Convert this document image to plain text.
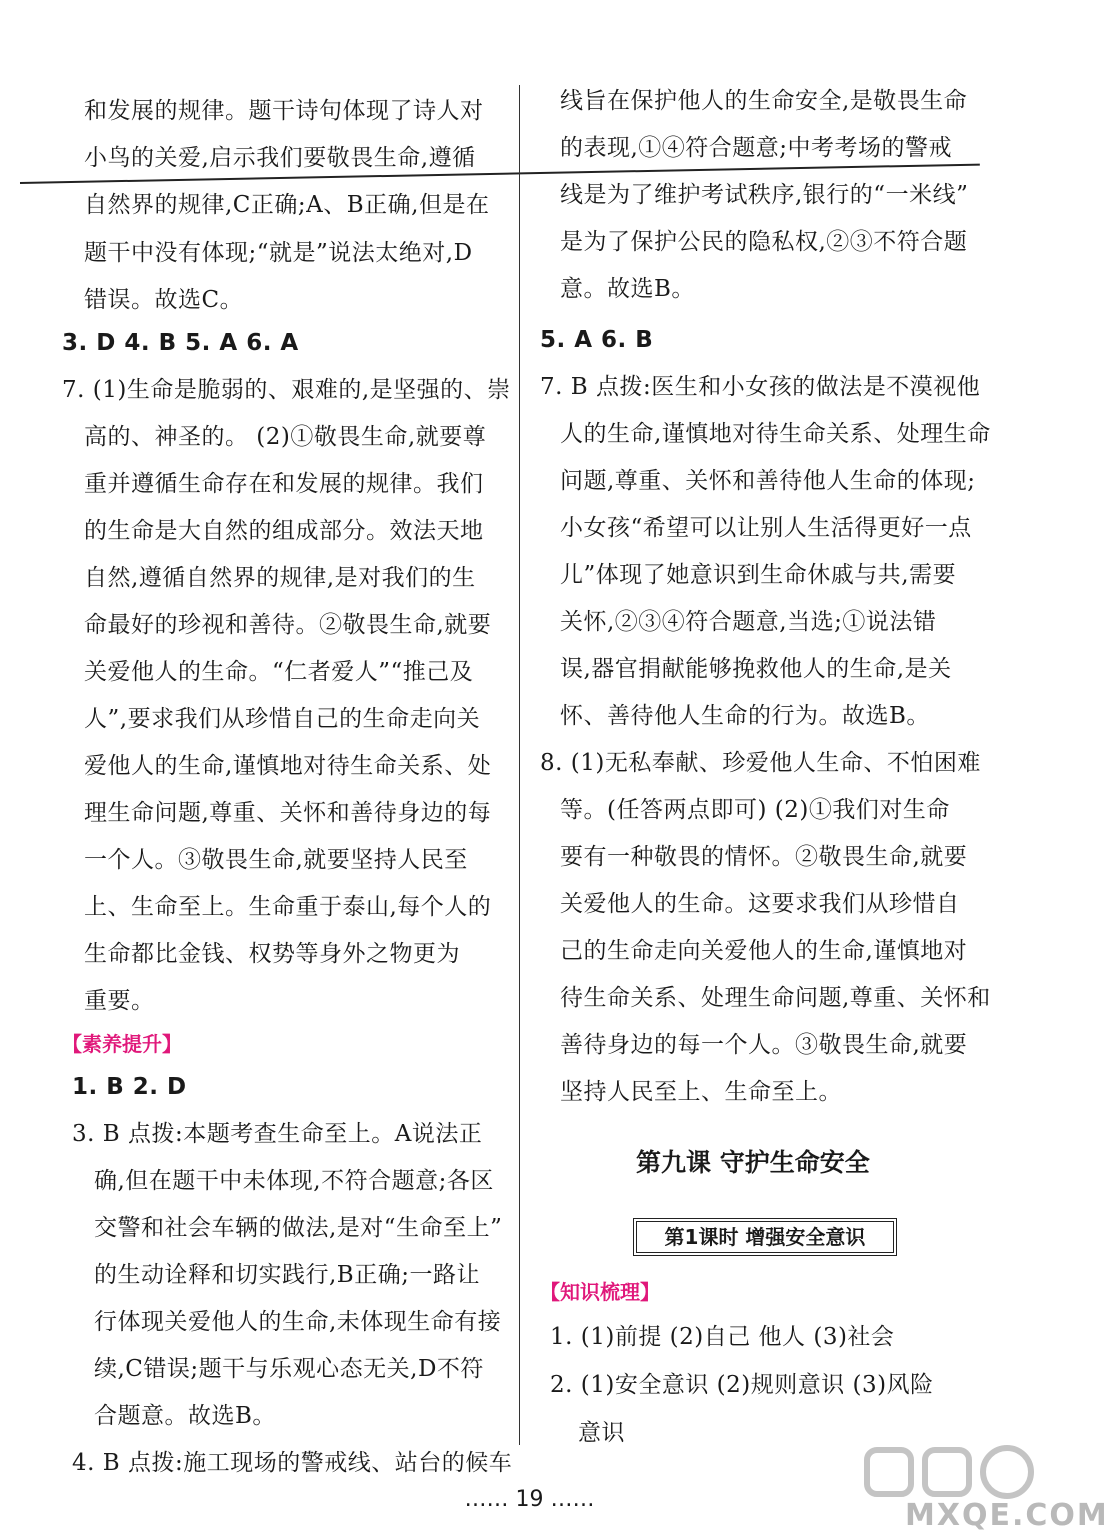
和发展的规律。题干诗句体现了诗人对
小鸟的关爱,启示我们要敬畏生命,遵循
自然界的规律,C正确;A、B正确,但是在
题干中没有体现;“就是”说法太绝对,D
错误。故选C。
3. D 4. B 5. A 6. A
7. (1)生命是脆弱的、艰难的,是坚强的、崇
高的、神圣的。 (2)①敬畏生命,就要尊
重并遵循生命存在和发展的规律。我们
的生命是大自然的组成部分。效法天地
自然,遵循自然界的规律,是对我们的生
命最好的珍视和善待。②敬畏生命,就要
关爱他人的生命。“仁者爱人”“推己及
人”,要求我们从珍惜自己的生命走向关
爱他人的生命,谨慎地对待生命关系、处
理生命问题,尊重、关怀和善待身边的每
一个人。③敬畏生命,就要坚持人民至
上、生命至上。生命重于泰山,每个人的
生命都比金钱、权势等身外之物更为
重要。
【素养提升】
1. B 2. D
3. B 点拨:本题考查生命至上。A说法正
确,但在题干中未体现,不符合题意;各区
交警和社会车辆的做法,是对“生命至上”
的生动诠释和切实践行,B正确;一路让
行体现关爱他人的生命,未体现生命有接
续,C错误;题干与乐观心态无关,D不符
合题意。故选B。
4. B 点拨:施工现场的警戒线、站台的候车
线旨在保护他人的生命安全,是敬畏生命
的表现,①④符合题意;中考考场的警戒
线是为了维护考试秩序,银行的“一米线”
是为了保护公民的隐私权,②③不符合题
意。故选B。
5. A 6. B
7. B 点拨:医生和小女孩的做法是不漠视他
人的生命,谨慎地对待生命关系、处理生命
问题,尊重、关怀和善待他人生命的体现;
小女孩“希望可以让别人生活得更好一点
儿”体现了她意识到生命休戚与共,需要
关怀,②③④符合题意,当选;①说法错
误,器官捐献能够挽救他人的生命,是关
怀、善待他人生命的行为。故选B。
8. (1)无私奉献、珍爱他人生命、不怕困难
等。(任答两点即可) (2)①我们对生命
要有一种敬畏的情怀。②敬畏生命,就要
关爱他人的生命。这要求我们从珍惜自
己的生命走向关爱他人的生命,谨慎地对
待生命关系、处理生命问题,尊重、关怀和
善待身边的每一个人。③敬畏生命,就要
坚持人民至上、生命至上。
第九课 守护生命安全
第1课时 增强安全意识
【知识梳理】
1. (1)前提 (2)自己 他人 (3)社会
2. (1)安全意识 (2)规则意识 (3)风险
意识
…… 19 ……	MXQE.COM
